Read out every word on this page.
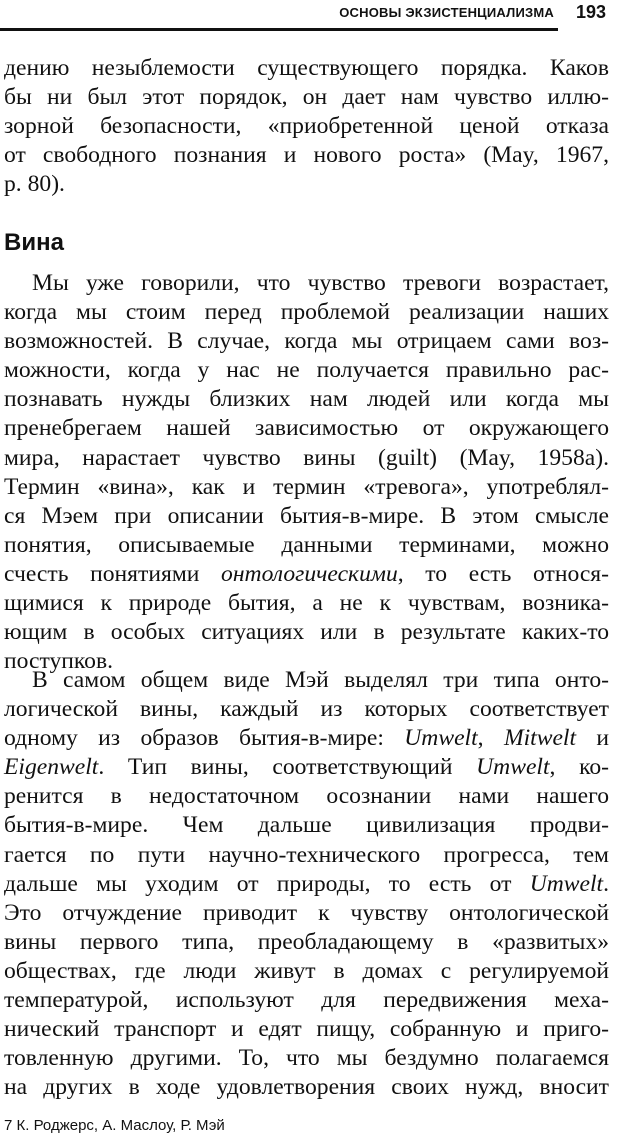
ОСНОВЫ ЭКЗИСТЕНЦИАЛИЗМА 193
дению незыблемости существующего порядка. Каков
бы ни был этот порядок, он дает нам чувство иллю-
зорной безопасности, «приобретенной ценой отказа
от свободного познания и нового роста» (May, 1967,
p. 80).
Вина
Мы уже говорили, что чувство тревоги возрастает,
когда мы стоим перед проблемой реализации наших
возможностей. В случае, когда мы отрицаем сами воз-
можности, когда у нас не получается правильно рас-
познавать нужды близких нам людей или когда мы
пренебрегаем нашей зависимостью от окружающего
мира, нарастает чувство вины (guilt) (May, 1958a).
Термин «вина», как и термин «тревога», употреблял-
ся Мэем при описании бытия-в-мире. В этом смысле
понятия, описываемые данными терминами, можно
счесть понятиями онтологическими, то есть относя-
щимися к природе бытия, а не к чувствам, возника-
ющим в особых ситуациях или в результате каких-то
поступков.
В самом общем виде Мэй выделял три типа онто-
логической вины, каждый из которых соответствует
одному из образов бытия-в-мире: Umwelt, Mitwelt и
Eigenwelt. Тип вины, соответствующий Umwelt, ко-
ренится в недостаточном осознании нами нашего
бытия-в-мире. Чем дальше цивилизация продви-
гается по пути научно-технического прогресса, тем
дальше мы уходим от природы, то есть от Umwelt.
Это отчуждение приводит к чувству онтологической
вины первого типа, преобладающему в «развитых»
обществах, где люди живут в домах с регулируемой
температурой, используют для передвижения меха-
нический транспорт и едят пищу, собранную и приго-
товленную другими. То, что мы бездумно полагаемся
на других в ходе удовлетворения своих нужд, вносит
7 К. Роджерс, А. Маслоу, Р. Мэй
